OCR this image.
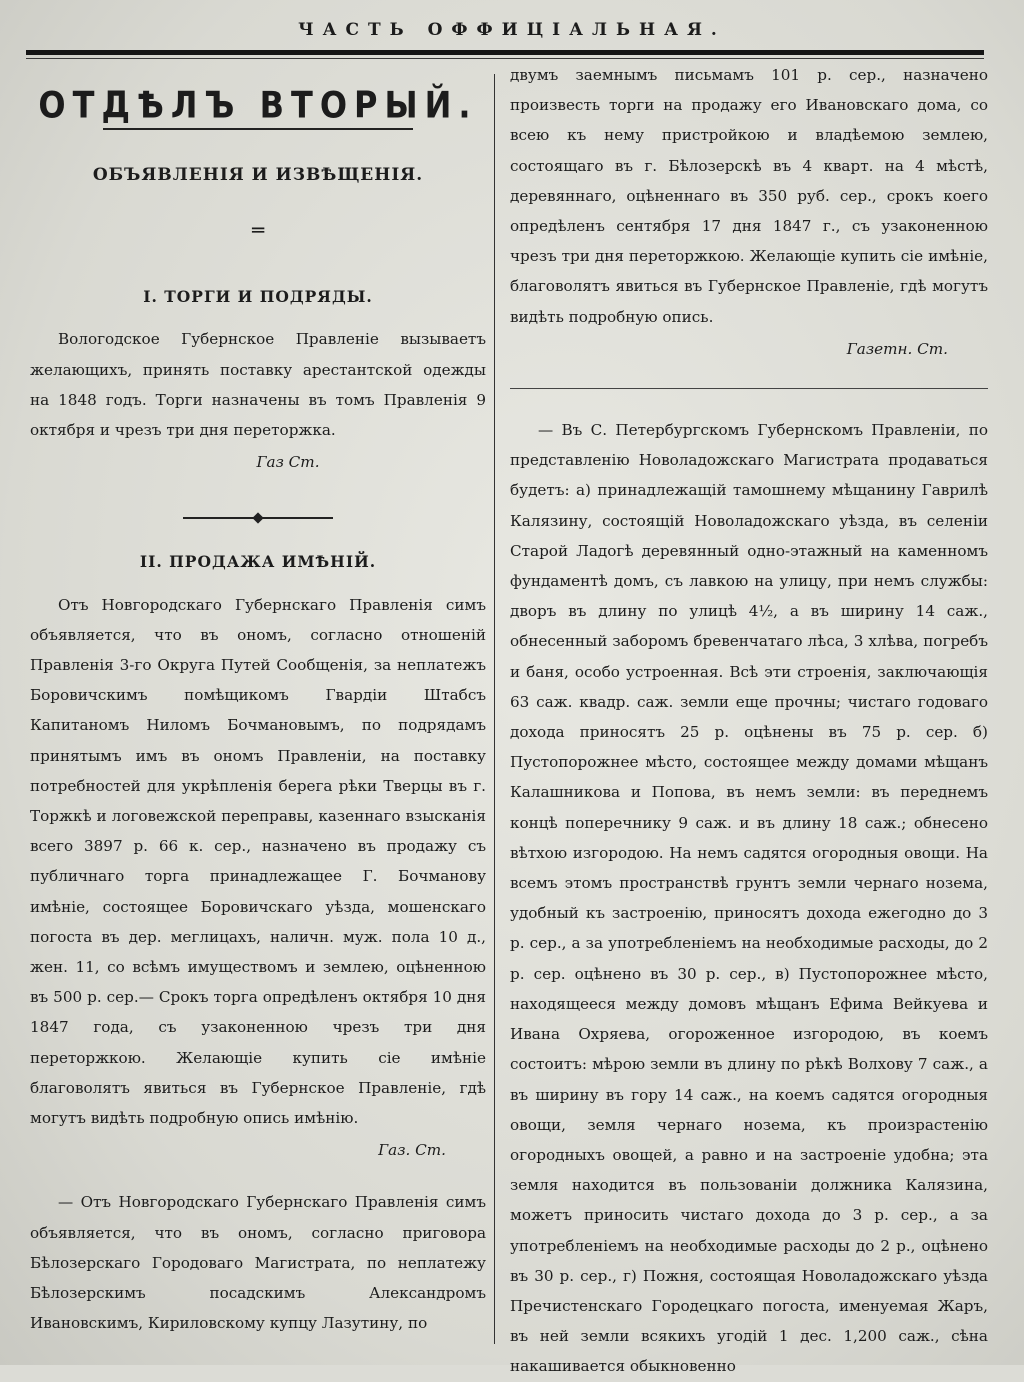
ЧАСТЬ ОФФИЦІАЛЬНАЯ.
ОТДѢЛЪ ВТОРЫЙ.
ОБЪЯВЛЕНІЯ И ИЗВѢЩЕНІЯ.
═
I. ТОРГИ И ПОДРЯДЫ.

Вологодское Губернское Правленіе вызываетъ желающихъ, принять поставку арестантской одежды на 1848 годъ. Торги назначены въ томъ Правленія 9 октября и чрезъ три дня переторжка.

Газ Ст.

II. ПРОДАЖА ИМѢНІЙ.

Отъ Новгородскаго Губернскаго Правленія симъ объявляется, что въ ономъ, согласно отношеній Правленія 3-го Округа Путей Сообщенія, за неплатежъ Боровичскимъ помѣщикомъ Гвардіи Штабсъ Капитаномъ Ниломъ Бочмановымъ, по подрядамъ принятымъ имъ въ ономъ Правленіи, на поставку потребностей для укрѣпленія берега рѣки Тверцы въ г. Торжкѣ и логовежской переправы, казеннаго взысканія всего 3897 р. 66 к. сер., назначено въ продажу съ публичнаго торга принадлежащее Г. Бочманову имѣніе, состоящее Боровичскаго уѣзда, мошенскаго погоста въ дер. меглицахъ, наличн. муж. пола 10 д., жен. 11, со всѣмъ имуществомъ и землею, оцѣненною въ 500 р. сер.— Срокъ торга опредѣленъ октября 10 дня 1847 года, съ узаконенною чрезъ три дня переторжкою. Желающіе купить сіе имѣніе благоволятъ явиться въ Губернское Правленіе, гдѣ могутъ видѣть подробную опись имѣнію.

Газ. Ст.

— Отъ Новгородскаго Губернскаго Правленія симъ объявляется, что въ ономъ, согласно приговора Бѣлозерскаго Городоваго Магистрата, по неплатежу Бѣлозерскимъ посадскимъ Александромъ Ивановскимъ, Кириловскому купцу Лазутину, по

двумъ заемнымъ письмамъ 101 р. сер., назначено произвесть торги на продажу его Ивановскаго дома, со всею къ нему пристройкою и владѣемою землею, состоящаго въ г. Бѣлозерскѣ въ 4 кварт. на 4 мѣстѣ, деревяннаго, оцѣненнаго въ 350 руб. сер., срокъ коего опредѣленъ сентября 17 дня 1847 г., съ узаконенною чрезъ три дня переторжкою. Желающіе купить сіе имѣніе, благоволятъ явиться въ Губернское Правленіе, гдѣ могутъ видѣть подробную опись.

Газетн. Ст.

— Въ С. Петербургскомъ Губернскомъ Правленіи, по представленію Новоладожскаго Магистрата продаваться будетъ: а) принадлежащій тамошнему мѣщанину Гаврилѣ Калязину, состоящій Новоладожскаго уѣзда, въ селеніи Старой Ладогѣ деревянный одно-этажный на каменномъ фундаментѣ домъ, съ лавкою на улицу, при немъ службы: дворъ въ длину по улицѣ 4½, а въ ширину 14 саж., обнесенный заборомъ бревенчатаго лѣса, 3 хлѣва, погребъ и баня, особо устроенная. Всѣ эти строенія, заключающія 63 саж. квадр. саж. земли еще прочны; чистаго годоваго дохода приносятъ 25 р. оцѣнены въ 75 р. сер. б) Пустопорожнее мѣсто, состоящее между домами мѣщанъ Калашникова и Попова, въ немъ земли: въ переднемъ концѣ поперечнику 9 саж. и въ длину 18 саж.; обнесено вѣтхою изгородою. На немъ садятся огородныя овощи. На всемъ этомъ пространствѣ грунтъ земли чернаго нозема, удобный къ застроенію, приносятъ дохода ежегодно до 3 р. сер., а за употребленіемъ на необходимые расходы, до 2 р. сер. оцѣнено въ 30 р. сер., в) Пустопорожнее мѣсто, находящееся между домовъ мѣщанъ Ефима Вейкуева и Ивана Охряева, огороженное изгородою, въ коемъ состоитъ: мѣрою земли въ длину по рѣкѣ Волхову 7 саж., а въ ширину въ гору 14 саж., на коемъ садятся огородныя овощи, земля чернаго нозема, къ произрастенію огородныхъ овощей, а равно и на застроеніе удобна; эта земля находится въ пользованіи должника Калязина, можетъ приносить чистаго дохода до 3 р. сер., а за употребленіемъ на необходимые расходы до 2 р., оцѣнено въ 30 р. сер., г) Пожня, состоящая Новоладожскаго уѣзда Пречистенскаго Городецкаго погоста, именуемая Жаръ, въ ней земли всякихъ угодій 1 дес. 1,200 саж., сѣна накашивается обыкновенно
